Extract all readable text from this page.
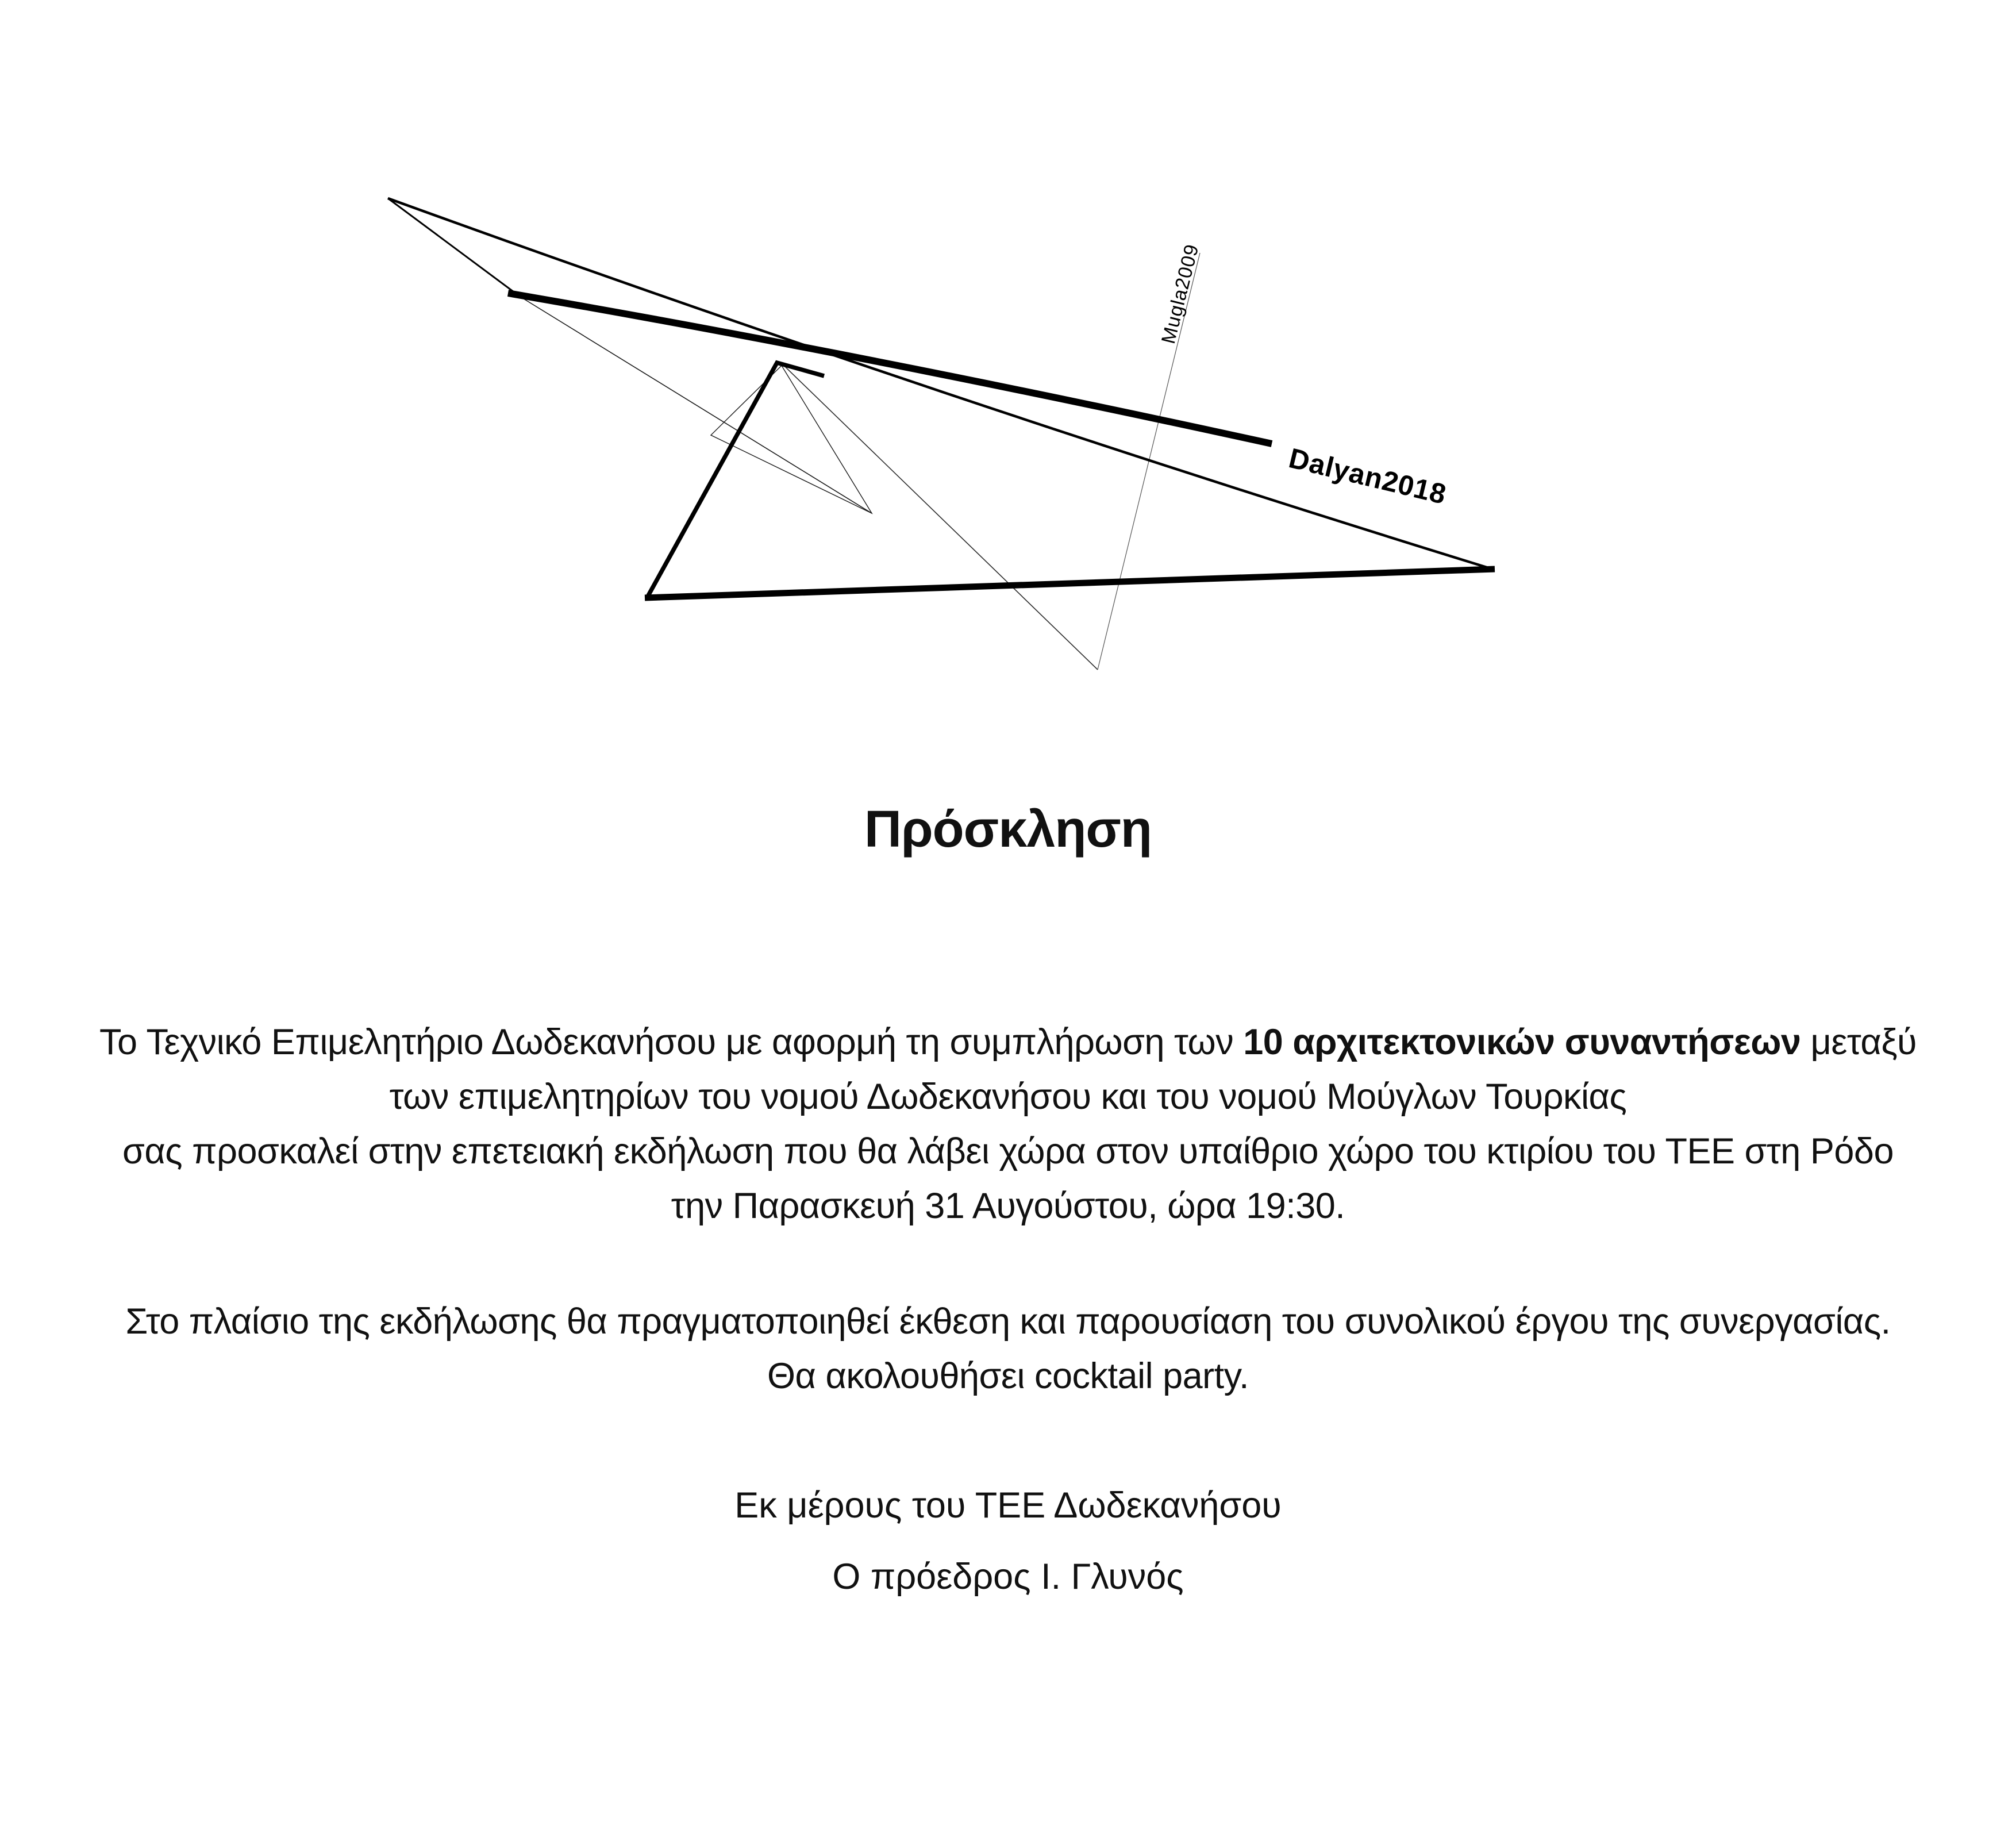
Mugla2009
Dalyan2018
Πρόσκληση
Το Τεχνικό Επιμελητήριο Δωδεκανήσου με αφορμή τη συμπλήρωση των 10 αρχιτεκτονικών συναντήσεων μεταξύ
των επιμελητηρίων του νομού Δωδεκανήσου και του νομού Μούγλων Τουρκίας
σας προσκαλεί στην επετειακή εκδήλωση που θα λάβει χώρα στον υπαίθριο χώρο του κτιρίου του ΤΕΕ στη Ρόδο
την Παρασκευή 31 Αυγούστου, ώρα 19:30.
Στο πλαίσιο της εκδήλωσης θα πραγματοποιηθεί έκθεση και παρουσίαση του συνολικού έργου της συνεργασίας.
Θα ακολουθήσει cocktail party.
Εκ μέρους του ΤΕΕ Δωδεκανήσου
Ο πρόεδρος Ι. Γλυνός
